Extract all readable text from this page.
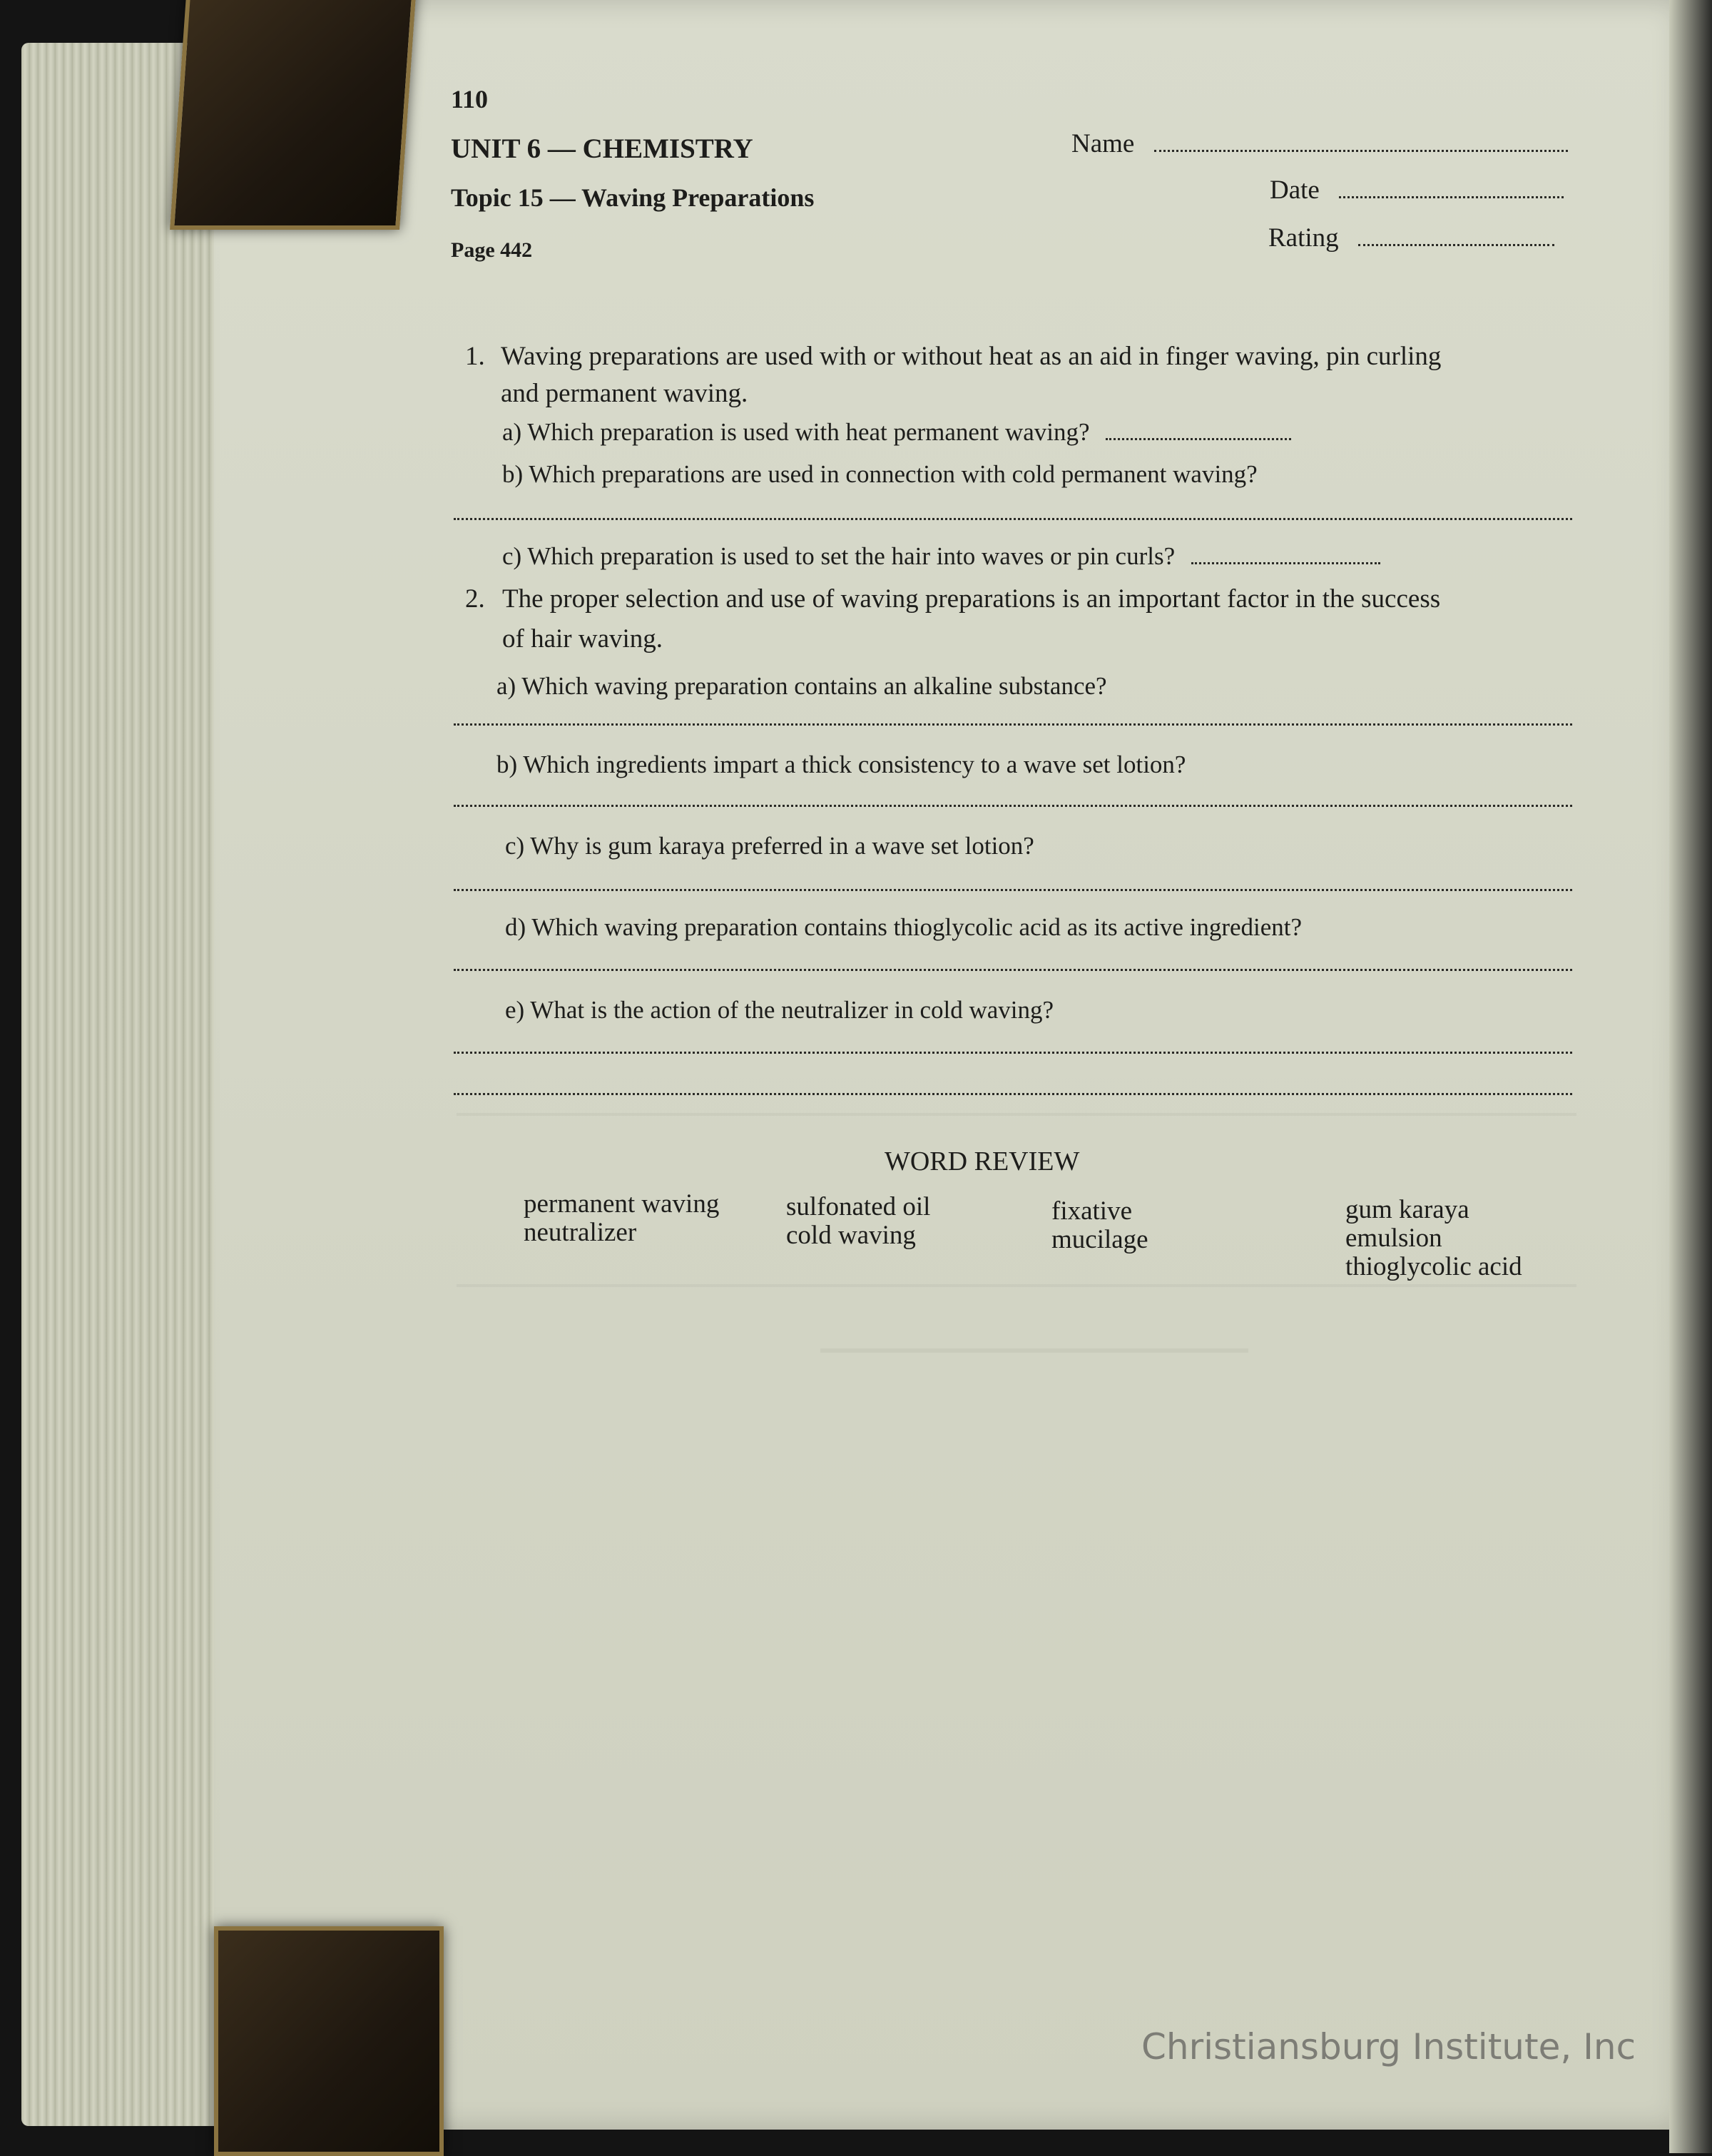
110
UNIT 6 — CHEMISTRY
Topic 15 — Waving Preparations
Page 442
Name
Date
Rating
1. Waving preparations are used with or without heat as an aid in finger waving, pin curling
and permanent waving.
a) Which preparation is used with heat permanent waving?
b) Which preparations are used in connection with cold permanent waving?
c) Which preparation is used to set the hair into waves or pin curls?
2. The proper selection and use of waving preparations is an important factor in the success
of hair waving.
a) Which waving preparation contains an alkaline substance?
b) Which ingredients impart a thick consistency to a wave set lotion?
c) Why is gum karaya preferred in a wave set lotion?
d) Which waving preparation contains thioglycolic acid as its active ingredient?
e) What is the action of the neutralizer in cold waving?
WORD REVIEW
permanent waving
neutralizer
sulfonated oil
cold waving
fixative
mucilage
gum karaya
emulsion
thioglycolic acid
Christiansburg Institute, Inc
